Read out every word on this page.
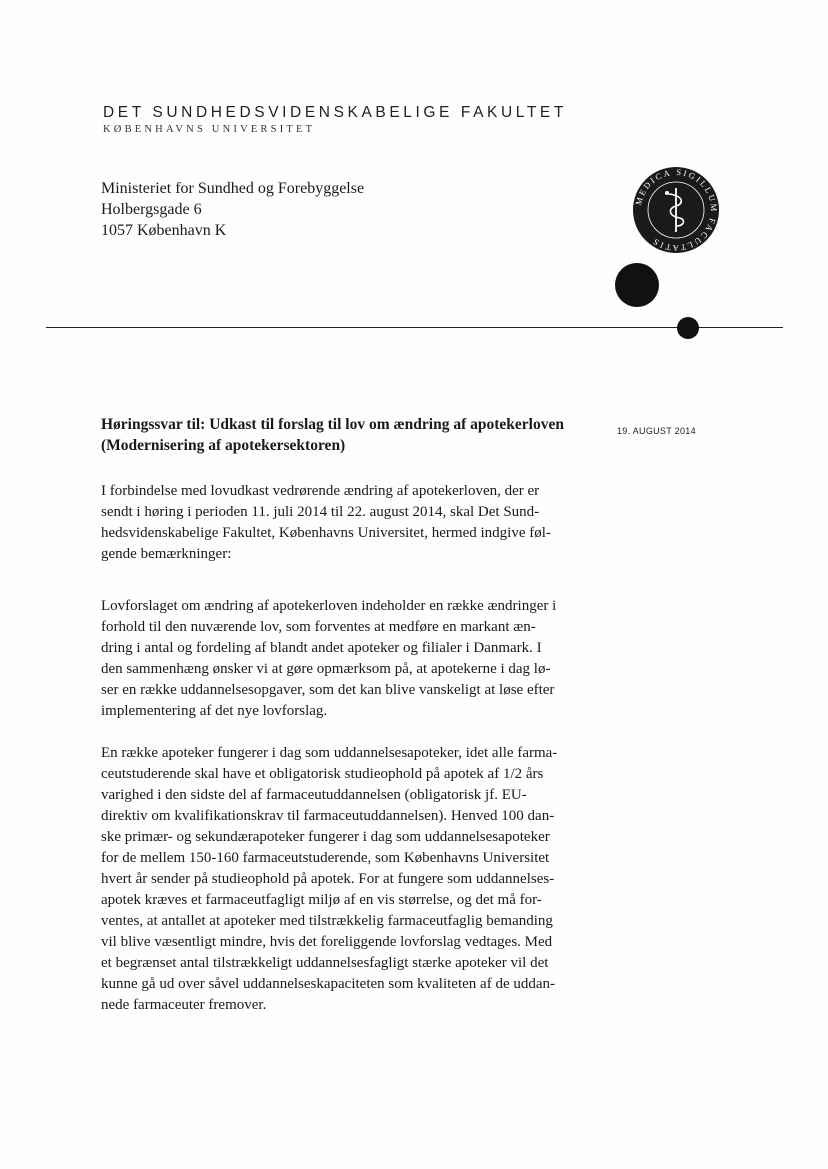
DET SUNDHEDSVIDENSKABELIGE FAKULTET
KØBENHAVNS UNIVERSITET
Ministeriet for Sundhed og Forebyggelse
Holbergsgade 6
1057 København K
MEDICA SIGILLUM FACULTATIS
19. AUGUST 2014
Høringssvar til: Udkast til forslag til lov om ændring af apotekerloven
(Modernisering af apotekersektoren)
I forbindelse med lovudkast vedrørende ændring af apotekerloven, der er
sendt i høring i perioden 11. juli 2014 til 22. august 2014, skal Det Sund-
hedsvidenskabelige Fakultet, Københavns Universitet, hermed indgive føl-
gende bemærkninger:
Lovforslaget om ændring af apotekerloven indeholder en række ændringer i
forhold til den nuværende lov, som forventes at medføre en markant æn-
dring i antal og fordeling af blandt andet apoteker og filialer i Danmark. I
den sammenhæng ønsker vi at gøre opmærksom på, at apotekerne i dag lø-
ser en række uddannelsesopgaver, som det kan blive vanskeligt at løse efter
implementering af det nye lovforslag.
En række apoteker fungerer i dag som uddannelsesapoteker, idet alle farma-
ceutstuderende skal have et obligatorisk studieophold på apotek af 1/2 års
varighed i den sidste del af farmaceutuddannelsen (obligatorisk jf. EU-
direktiv om kvalifikationskrav til farmaceutuddannelsen). Henved 100 dan-
ske primær- og sekundærapoteker fungerer i dag som uddannelsesapoteker
for de mellem 150-160 farmaceutstuderende, som Københavns Universitet
hvert år sender på studieophold på apotek. For at fungere som uddannelses-
apotek kræves et farmaceutfagligt miljø af en vis størrelse, og det må for-
ventes, at antallet at apoteker med tilstrækkelig farmaceutfaglig bemanding
vil blive væsentligt mindre, hvis det foreliggende lovforslag vedtages. Med
et begrænset antal tilstrækkeligt uddannelsesfagligt stærke apoteker vil det
kunne gå ud over såvel uddannelseskapaciteten som kvaliteten af de uddan-
nede farmaceuter fremover.
